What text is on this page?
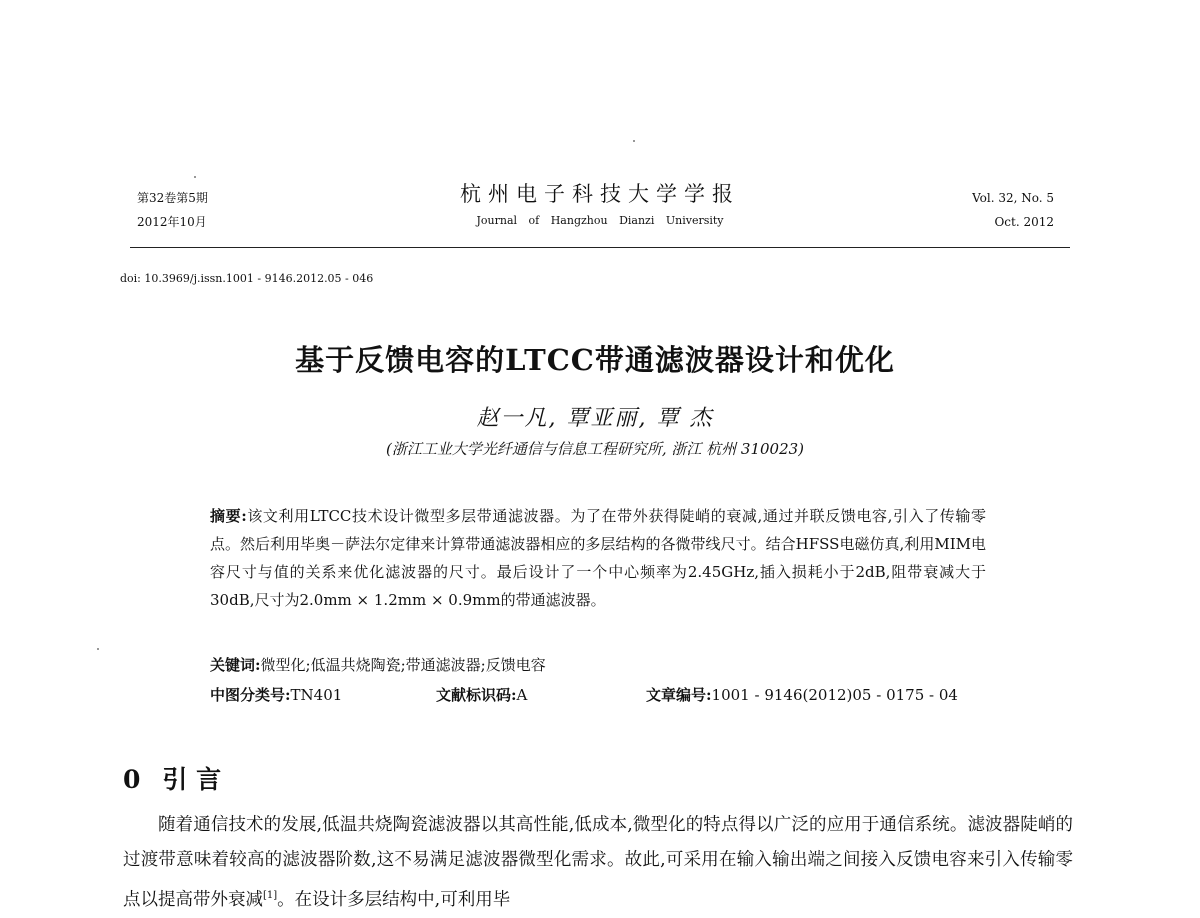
第32卷第5期
2012年10月
杭州电子科技大学学报
Journal of Hangzhou Dianzi University
Vol. 32, No. 5
Oct. 2012
doi: 10.3969/j.issn.1001 - 9146.2012.05 - 046
基于反馈电容的LTCC带通滤波器设计和优化
赵一凡, 覃亚丽, 覃 杰
(浙江工业大学光纤通信与信息工程研究所, 浙江 杭州 310023)
摘要:该文利用LTCC技术设计微型多层带通滤波器。为了在带外获得陡峭的衰减,通过并联反馈电容,引入了传输零点。然后利用毕奥－萨法尔定律来计算带通滤波器相应的多层结构的各微带线尺寸。结合HFSS电磁仿真,利用MIM电容尺寸与值的关系来优化滤波器的尺寸。最后设计了一个中心频率为2.45GHz,插入损耗小于2dB,阻带衰减大于30dB,尺寸为2.0mm × 1.2mm × 0.9mm的带通滤波器。
关键词:微型化;低温共烧陶瓷;带通滤波器;反馈电容
中图分类号:TN401	文献标识码:A	文章编号:1001 - 9146(2012)05 - 0175 - 04
0 引 言

随着通信技术的发展,低温共烧陶瓷滤波器以其高性能,低成本,微型化的特点得以广泛的应用于通信系统。滤波器陡峭的过渡带意味着较高的滤波器阶数,这不易满足滤波器微型化需求。故此,可采用在输入输出端之间接入反馈电容来引入传输零点以提高带外衰减[1]。在设计多层结构中,可利用毕
